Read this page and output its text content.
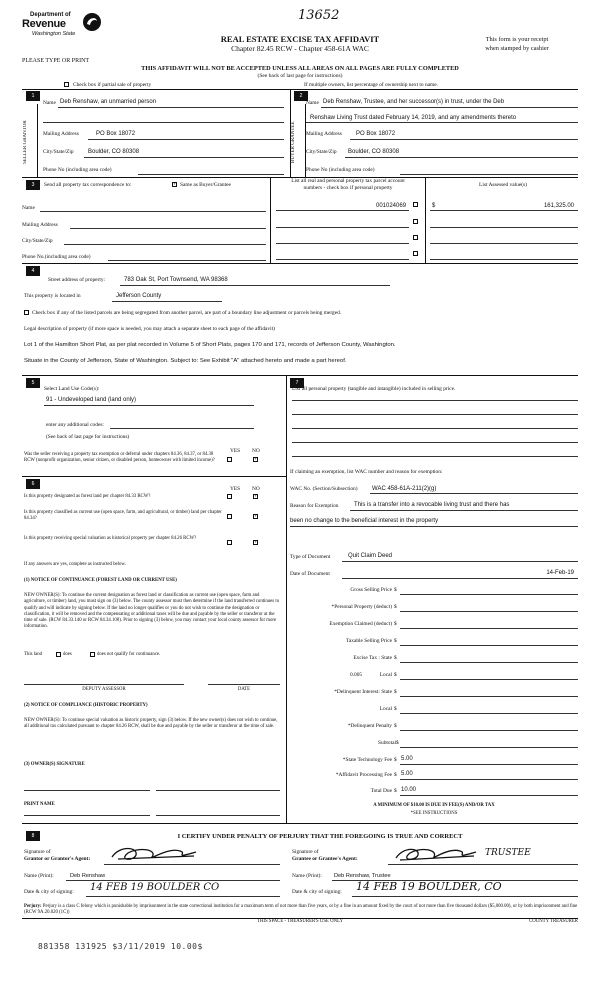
13652
Department of
Revenue
Washington State	REAL ESTATE EXCISE TAX AFFIDAVIT
Chapter 82.45 RCW - Chapter 458-61A WAC
This form is your receipt
when stamped by cashier
PLEASE TYPE OR PRINT
THIS AFFIDAVIT WILL NOT BE ACCEPTED UNLESS ALL AREAS ON ALL PAGES ARE FULLY COMPLETED
(See back of last page for instructions)
Check box if partial sale of property	If multiple owners, list percentage of ownership next to name.
1	2
SELLER GRANTOR
Name Deb Renshaw, an unmarried person
Mailing Address	PO Box 18072
City/State/Zip Boulder, CO 80308
Phone No (including area code)
BUYER GRANTEE
Name Deb Renshaw, Trustee, and her successor(s) in trust, under the Deb
Renshaw Living Trust dated February 14, 2019, and any amendments thereto
Mailing Address PO Box 18072
City/State/Zip Boulder, CO 80308
Phone No (including area code)
3	Send all property tax correspondence to:	✓ Same as Buyer/Grantee
List all real and personal property tax parcel account
numbers - check box if personal property	List Assessed value(s)
Name
Mailing Address
City/State/Zip
Phone No.(including area code)
001024069	$	161,325.00
4
Street address of property:	783 Oak St, Port Townsend, WA 98368
This property is located in	Jefferson County
Check box if any of the listed parcels are being segregated from another parcel, are part of a boundary line adjustment or parcels being merged.
Legal description of property (if more space is needed, you may attach a separate sheet to each page of the affidavit)
Lot 1 of the Hamilton Short Plat, as per plat recorded in Volume 5 of Short Plats, pages 170 and 171, records of Jefferson County, Washington.
Situate in the County of Jefferson, State of Washington. Subject to: See Exhibit "A" attached hereto and made a part hereof.
5	7
Select Land Use Code(s):
91 - Undeveloped land (land only)
enter any additional codes:
(See back of last page for instructions)
YES NO
Was the seller receiving a property tax exemption or deferral under chapters 84.36, 84.37, or 84.38 RCW (nonprofit organization, senior citizen, or disabled person, homeowner with limited income)?	✓
List all personal property (tangible and intangible) included in selling price.
If claiming an exemption, list WAC number and reason for exemption:
6
YES NO
Is this property designated as forest land per chapter 84.33 RCW?	✓
Is this property classified as current use (open space, farm, and agricultural, or timber) land per chapter 84.34?	✓
Is this property receiving special valuation as historical property per chapter 84.26 RCW?
✓
If any answers are yes, complete as instructed below.
(1) NOTICE OF CONTINUANCE (FOREST LAND OR CURRENT USE)
NEW OWNER(S): To continue the current designation as forest land or classification as current use (open space, farm and agriculture, or timber) land, you must sign on (3) below. The county assessor must then determine if the land transferred continues to qualify and will indicate by signing below. If the land no longer qualifies or you do not wish to continue the designation or classification, it will be removed and the compensating or additional taxes will be due and payable by the seller or transferor at the time of sale. (RCW 84.33.140 or RCW 84.34.108). Prior to signing (3) below, you may contact your local county assessor for more information.
This land	does	does not qualify for continuance.
DEPUTY ASSESSOR	DATE
(2) NOTICE OF COMPLIANCE (HISTORIC PROPERTY)
NEW OWNER(S): To continue special valuation as historic property, sign (3) below. If the new owner(s) does not wish to continue, all additional tax calculated pursuant to chapter 84.26 RCW, shall be due and payable by the seller or transferor at the time of sale.
(3) OWNER(S) SIGNATURE
PRINT NAME
WAC No. (Section/Subsection) WAC 458-61A-211(2)(g)
Reason for Exemption	This is a transfer into a revocable living trust and there has
been no change to the beneficial interest in the property
Type of Document	Quit Claim Deed
Date of Document	14-Feb-19
Gross Selling Price $
*Personal Property (deduct) $
Exemption Claimed (deduct) $
Taxable Selling Price $
Excise Tax : State $
0.005	Local $
*Delinquent Interest: State $
Local $
*Delinquent Penalty $
Subtotal $
*State Technology Fee $ 5.00
*Affidavit Processing Fee $ 5.00
Total Due $ 10.00
A MINIMUM OF $10.00 IS DUE IN FEE(S) AND/OR TAX
*SEE INSTRUCTIONS
8	I CERTIFY UNDER PENALTY OF PERJURY THAT THE FOREGOING IS TRUE AND CORRECT
Signature of
Grantor or Grantor's Agent:
Signature of
Grantee or Grantee's Agent:
TRUSTEE
Name (Print):	Deb Renshaw	Name (Print): Deb Renshaw, Trustee
Date & city of signing: 14 FEB 19 BOULDER CO	Date & city of signing: 14 FEB 19 BOULDER, CO
Perjury: Perjury is a class C felony which is punishable by imprisonment in the state correctional institution for a maximum term of not more than five years, or by a fine in an amount fixed by the court of not more than five thousand dollars ($5,000.00), or by both imprisonment and fine (RCW 9A.20.020 (1C))
THIS SPACE - TREASURER'S USE ONLY	COUNTY TREASURER
881358 131925 $3/11/2019 10.00$
